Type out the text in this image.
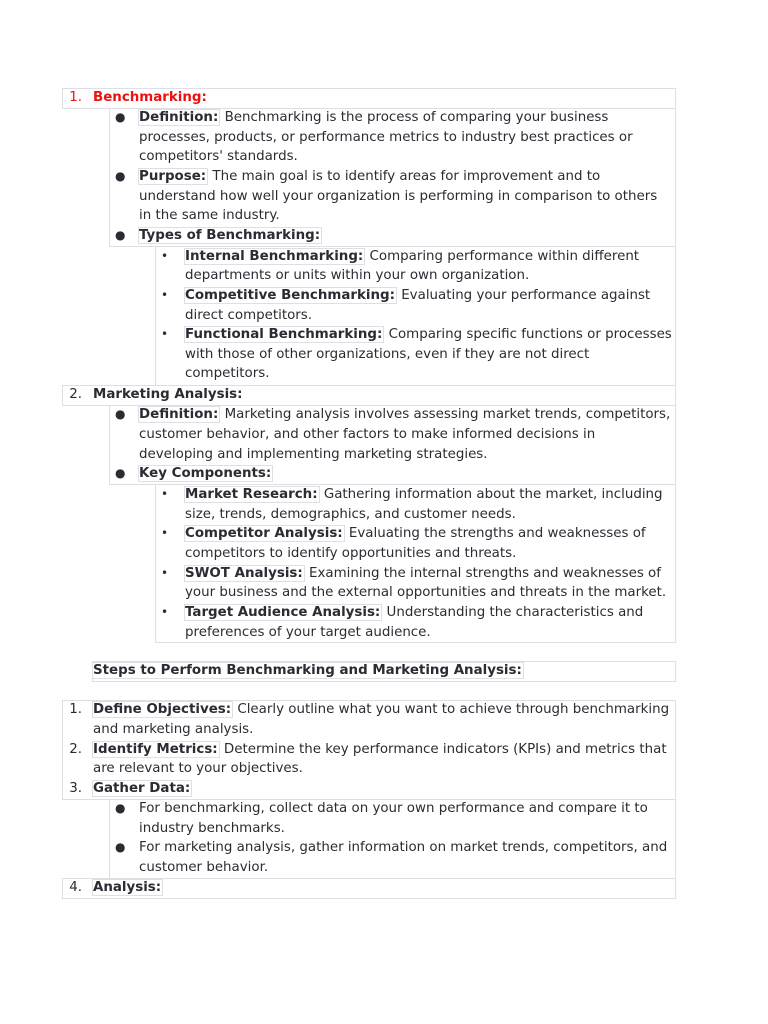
1. Benchmarking:
● Definition: Benchmarking is the process of comparing your business
processes, products, or performance metrics to industry best practices or
competitors' standards.
● Purpose: The main goal is to identify areas for improvement and to
understand how well your organization is performing in comparison to others
in the same industry.
● Types of Benchmarking:
• Internal Benchmarking: Comparing performance within different
departments or units within your own organization.
• Competitive Benchmarking: Evaluating your performance against
direct competitors.
• Functional Benchmarking: Comparing specific functions or processes
with those of other organizations, even if they are not direct
competitors.
2. Marketing Analysis:
● Definition: Marketing analysis involves assessing market trends, competitors,
customer behavior, and other factors to make informed decisions in
developing and implementing marketing strategies.
● Key Components:
• Market Research: Gathering information about the market, including
size, trends, demographics, and customer needs.
• Competitor Analysis: Evaluating the strengths and weaknesses of
competitors to identify opportunities and threats.
• SWOT Analysis: Examining the internal strengths and weaknesses of
your business and the external opportunities and threats in the market.
• Target Audience Analysis: Understanding the characteristics and
preferences of your target audience.
Steps to Perform Benchmarking and Marketing Analysis:
1. Define Objectives: Clearly outline what you want to achieve through benchmarking
and marketing analysis.
2. Identify Metrics: Determine the key performance indicators (KPIs) and metrics that
are relevant to your objectives.
3. Gather Data:
● For benchmarking, collect data on your own performance and compare it to
industry benchmarks.
● For marketing analysis, gather information on market trends, competitors, and
customer behavior.
4. Analysis:
